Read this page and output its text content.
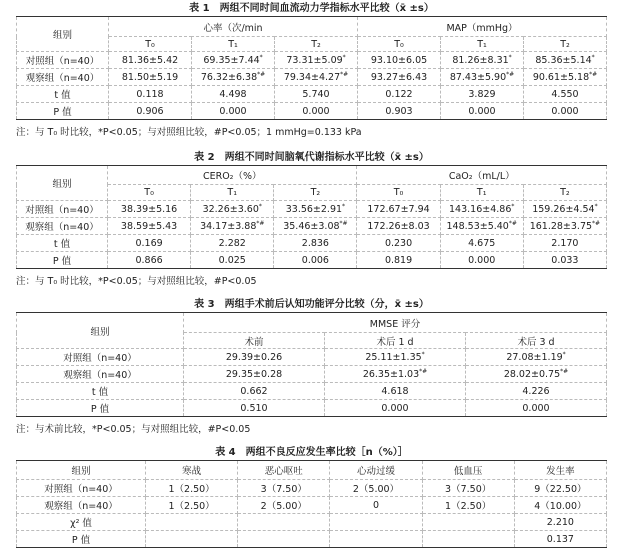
表 1　两组不同时间血流动力学指标水平比较（x̄ ±s）
组别	心率（次/min			MAP（mmHg）		
	T₀	T₁	T₂	T₀	T₁	T₂
对照组（n=40）	81.36±5.42	69.35±7.44*	73.31±5.09*	93.10±6.05	81.26±8.31*	85.36±5.14*
观察组（n=40）	81.50±5.19	76.32±6.38*#	79.34±4.27*#	93.27±6.43	87.43±5.90*#	90.61±5.18*#
t 值	0.118	4.498	5.740	0.122	3.829	4.550
P 值	0.906	0.000	0.000	0.903	0.000	0.000
注：与 T₀ 时比较，*P<0.05；与对照组比较，#P<0.05；1 mmHg=0.133 kPa
表 2　两组不同时间脑氧代谢指标水平比较（x̄ ±s）
组别	CERO₂（%）			CaO₂（mL/L）		
	T₀	T₁	T₂	T₀	T₁	T₂
对照组（n=40）	38.39±5.16	32.26±3.60*	33.56±2.91*	172.67±7.94	143.16±4.86*	159.26±4.54*
观察组（n=40）	38.59±5.43	34.17±3.88*#	35.46±3.08*#	172.26±8.03	148.53±5.40*#	161.28±3.75*#
t 值	0.169	2.282	2.836	0.230	4.675	2.170
P 值	0.866	0.025	0.006	0.819	0.000	0.033
注：与 T₀ 时比较，*P<0.05；与对照组比较，#P<0.05
表 3　两组手术前后认知功能评分比较（分，x̄ ±s）
组别	MMSE 评分		
	术前	术后 1 d	术后 3 d
对照组（n=40）	29.39±0.26	25.11±1.35*	27.08±1.19*
观察组（n=40）	29.35±0.28	26.35±1.03*#	28.02±0.75*#
t 值	0.662	4.618	4.226
P 值	0.510	0.000	0.000
注：与术前比较，*P<0.05；与对照组比较，#P<0.05
表 4　两组不良反应发生率比较［n（%）］
组别	寒战	恶心呕吐	心动过缓	低血压	发生率
对照组（n=40）	1（2.50）	3（7.50）	2（5.00）	3（7.50）	9（22.50）
观察组（n=40）	1（2.50）	2（5.00）	0	1（2.50）	4（10.00）
χ² 值					2.210
P 值					0.137
